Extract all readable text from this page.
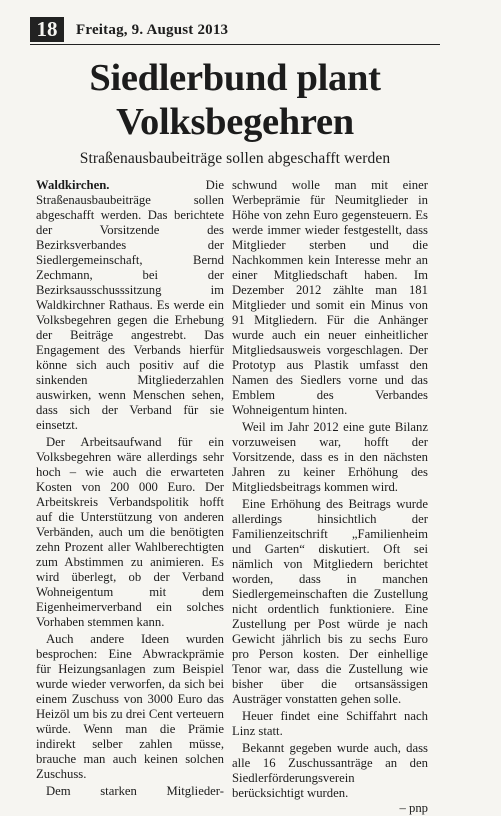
18	Freitag, 9. August 2013
Siedlerbund plant
Volksbegehren
Straßenausbaubeiträge sollen abgeschafft werden

Waldkirchen.	Die Straßenausbaubeiträge sollen abgeschafft werden. Das berichtete der Vorsitzende des Bezirksverbandes der Siedlergemeinschaft, Bernd Zechmann, bei der Bezirksausschusssitzung im Waldkirchner Rathaus. Es werde ein Volksbegehren gegen die Erhebung der Beiträge angestrebt. Das Engagement des Verbands hierfür könne sich auch positiv auf die sinkenden Mitgliederzahlen auswirken, wenn Menschen sehen, dass sich der Verband für sie einsetzt.

Der Arbeitsaufwand für ein Volksbegehren wäre allerdings sehr hoch – wie auch die erwarteten Kosten von 200 000 Euro. Der Arbeitskreis Verbandspolitik hofft auf die Unterstützung von anderen Verbänden, auch um die benötigten zehn Prozent aller Wahlberechtigten zum Abstimmen zu animieren. Es wird überlegt, ob der Verband Wohneigentum mit dem Eigenheimerverband ein solches Vorhaben stemmen kann.

Auch andere Ideen wurden besprochen: Eine Abwrackprämie für Heizungsanlagen zum Beispiel wurde wieder verworfen, da sich bei einem Zuschuss von 3000 Euro das Heizöl um bis zu drei Cent verteuern würde. Wenn man die Prämie indirekt selber zahlen müsse, brauche man auch keinen solchen Zuschuss.

Dem starken Mitglieder-

schwund wolle man mit einer Werbeprämie für Neumitglieder in Höhe von zehn Euro gegensteuern. Es werde immer wieder festgestellt, dass Mitglieder sterben und die Nachkommen kein Interesse mehr an einer Mitgliedschaft haben. Im Dezember 2012 zählte man 181 Mitglieder und somit ein Minus von 91 Mitgliedern. Für die Anhänger wurde auch ein neuer einheitlicher Mitgliedsausweis vorgeschlagen. Der Prototyp aus Plastik umfasst den Namen des Siedlers vorne und das Emblem des Verbandes Wohneigentum hinten.

Weil im Jahr 2012 eine gute Bilanz vorzuweisen war, hofft der Vorsitzende, dass es in den nächsten Jahren zu keiner Erhöhung des Mitgliedsbeitrags kommen wird.

Eine Erhöhung des Beitrags wurde allerdings hinsichtlich der Familienzeitschrift „Familienheim und Garten“ diskutiert. Oft sei nämlich von Mitgliedern berichtet worden, dass in manchen Siedlergemeinschaften die Zustellung nicht ordentlich funktioniere. Eine Zustellung per Post würde je nach Gewicht jährlich bis zu sechs Euro pro Person kosten. Der einhellige Tenor war, dass die Zustellung wie bisher über die ortsansässigen Austräger vonstatten gehen solle.

Heuer findet eine Schiffahrt nach Linz statt.

Bekannt gegeben wurde auch, dass alle 16 Zuschussanträge an den Siedlerförderungsverein berücksichtigt wurden.

– pnp
